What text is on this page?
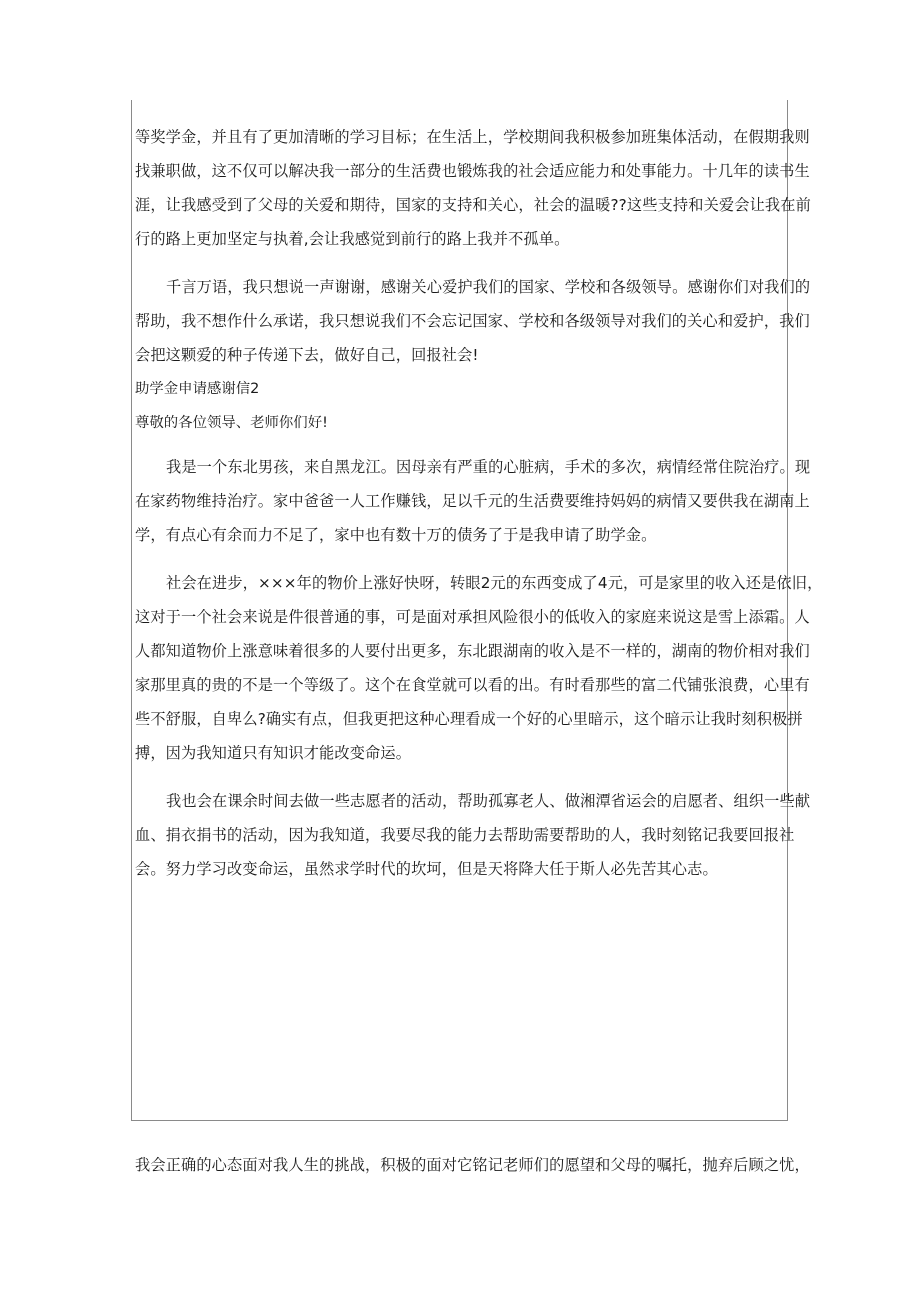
等奖学金，并且有了更加清晰的学习目标；在生活上，学校期间我积极参加班集体活动，在假期我则

找兼职做，这不仅可以解决我一部分的生活费也锻炼我的社会适应能力和处事能力。十几年的读书生

涯，让我感受到了父母的关爱和期待，国家的支持和关心，社会的温暖??这些支持和关爱会让我在前

行的路上更加坚定与执着,会让我感觉到前行的路上我并不孤单。

千言万语，我只想说一声谢谢，感谢关心爱护我们的国家、学校和各级领导。感谢你们对我们的

帮助，我不想作什么承诺，我只想说我们不会忘记国家、学校和各级领导对我们的关心和爱护，我们

会把这颗爱的种子传递下去，做好自己，回报社会!

助学金申请感谢信2

尊敬的各位领导、老师你们好!

我是一个东北男孩，来自黑龙江。因母亲有严重的心脏病，手术的多次，病情经常住院治疗。现

在家药物维持治疗。家中爸爸一人工作赚钱，足以千元的生活费要维持妈妈的病情又要供我在湖南上

学，有点心有余而力不足了，家中也有数十万的债务了于是我申请了助学金。

社会在进步，×××年的物价上涨好快呀，转眼2元的东西变成了4元，可是家里的收入还是依旧，

这对于一个社会来说是件很普通的事，可是面对承担风险很小的低收入的家庭来说这是雪上添霜。人

人都知道物价上涨意味着很多的人要付出更多，东北跟湖南的收入是不一样的，湖南的物价相对我们

家那里真的贵的不是一个等级了。这个在食堂就可以看的出。有时看那些的富二代铺张浪费，心里有

些不舒服，自卑么?确实有点，但我更把这种心理看成一个好的心里暗示，这个暗示让我时刻积极拼

搏，因为我知道只有知识才能改变命运。

我也会在课余时间去做一些志愿者的活动，帮助孤寡老人、做湘潭省运会的启愿者、组织一些献

血、捐衣捐书的活动，因为我知道，我要尽我的能力去帮助需要帮助的人，我时刻铭记我要回报社

会。努力学习改变命运，虽然求学时代的坎坷，但是天将降大任于斯人必先苦其心志。

我会正确的心态面对我人生的挑战，积极的面对它铭记老师们的愿望和父母的嘱托，抛弃后顾之忧，
